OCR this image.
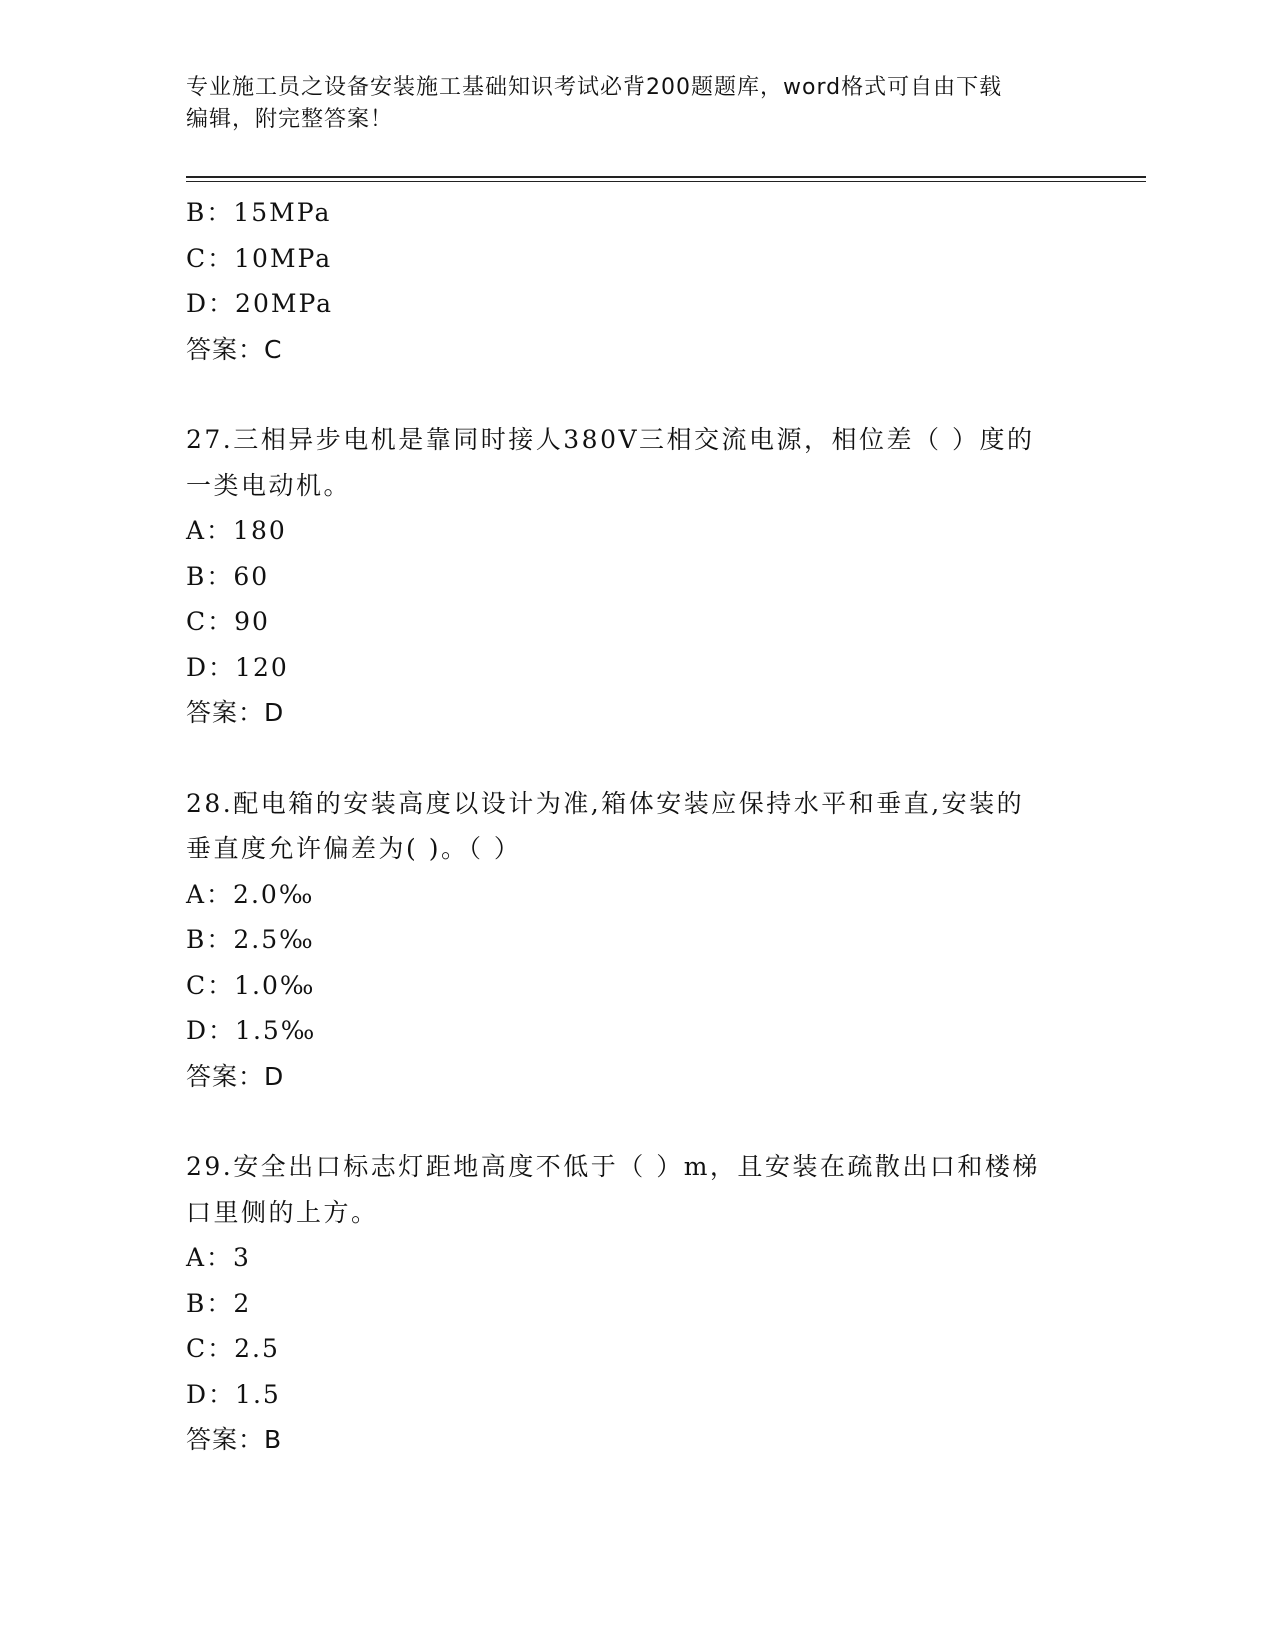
专业施工员之设备安装施工基础知识考试必背200题题库，word格式可自由下载
编辑，附完整答案！
B：15MPa
C：10MPa
D：20MPa
答案：C
27.三相异步电机是靠同时接人380V三相交流电源，相位差（ ）度的
一类电动机。
A：180
B：60
C：90
D：120
答案：D
28.配电箱的安装高度以设计为准,箱体安装应保持水平和垂直,安装的
垂直度允许偏差为( )。（ ）
A：2.0‰
B：2.5‰
C：1.0‰
D：1.5‰
答案：D
29.安全出口标志灯距地高度不低于（ ）m，且安装在疏散出口和楼梯
口里侧的上方。
A：3
B：2
C：2.5
D：1.5
答案：B
